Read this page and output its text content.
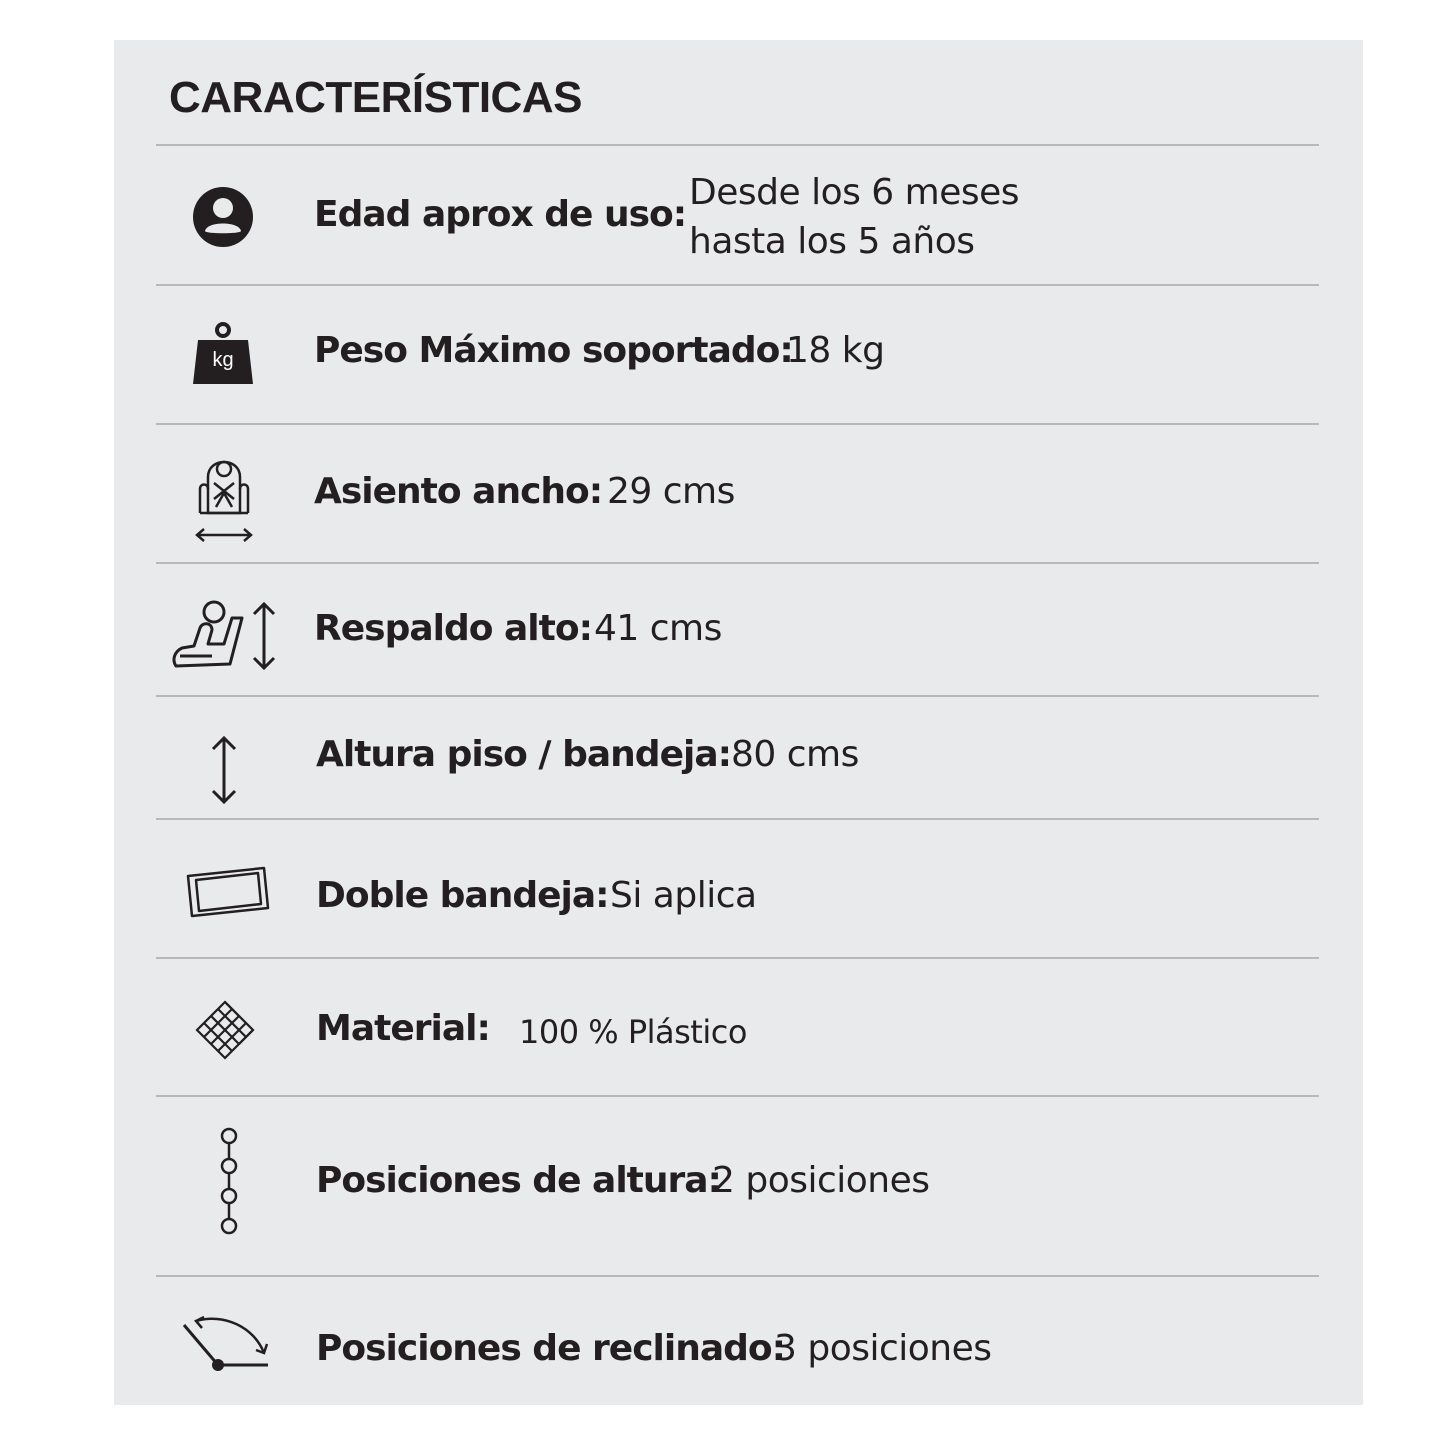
CARACTERÍSTICAS
Edad aprox de uso:
Desde los 6 meses
hasta los 5 años
kg	Peso Máximo soportado:
18 kg
Asiento ancho: 29 cms
Respaldo alto: 41 cms
Altura piso / bandeja: 80 cms
Doble bandeja: Si aplica
Material: 100 % Plástico
Posiciones de altura:
2 posiciones
Posiciones de reclinado:
3 posiciones
